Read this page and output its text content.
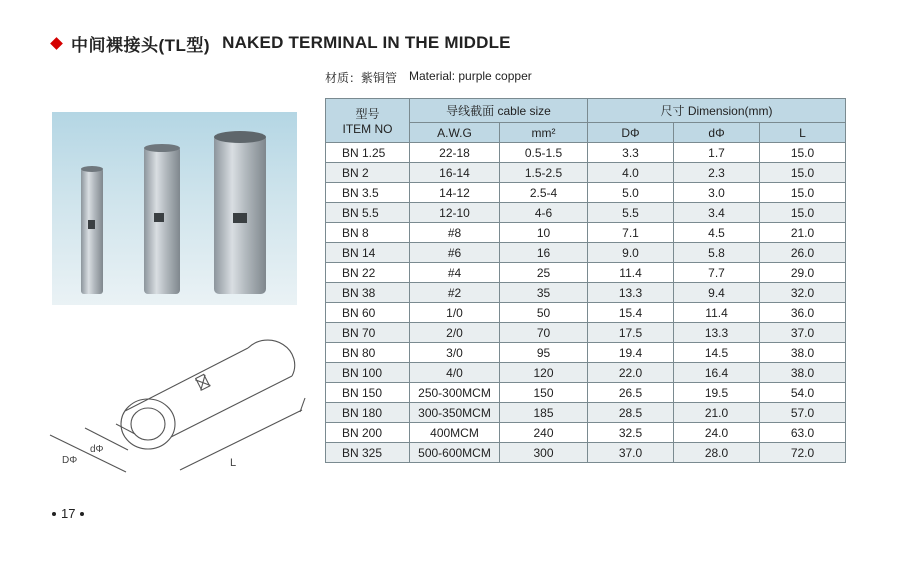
中间裸接头(TL型) NAKED TERMINAL IN THE MIDDLE
材质：紫铜管 Material: purple copper
DΦ
dΦ
L
型号
ITEM NO	导线截面 cable size		尺寸 Dimension(mm)		
	A.W.G	mm²	DΦ	dΦ	L
BN 1.25	22-18	0.5-1.5	3.3	1.7	15.0
BN 2	16-14	1.5-2.5	4.0	2.3	15.0
BN 3.5	14-12	2.5-4	5.0	3.0	15.0
BN 5.5	12-10	4-6	5.5	3.4	15.0
BN 8	#8	10	7.1	4.5	21.0
BN 14	#6	16	9.0	5.8	26.0
BN 22	#4	25	11.4	7.7	29.0
BN 38	#2	35	13.3	9.4	32.0
BN 60	1/0	50	15.4	11.4	36.0
BN 70	2/0	70	17.5	13.3	37.0
BN 80	3/0	95	19.4	14.5	38.0
BN 100	4/0	120	22.0	16.4	38.0
BN 150	250-300MCM	150	26.5	19.5	54.0
BN 180	300-350MCM	185	28.5	21.0	57.0
BN 200	400MCM	240	32.5	24.0	63.0
BN 325	500-600MCM	300	37.0	28.0	72.0
17
